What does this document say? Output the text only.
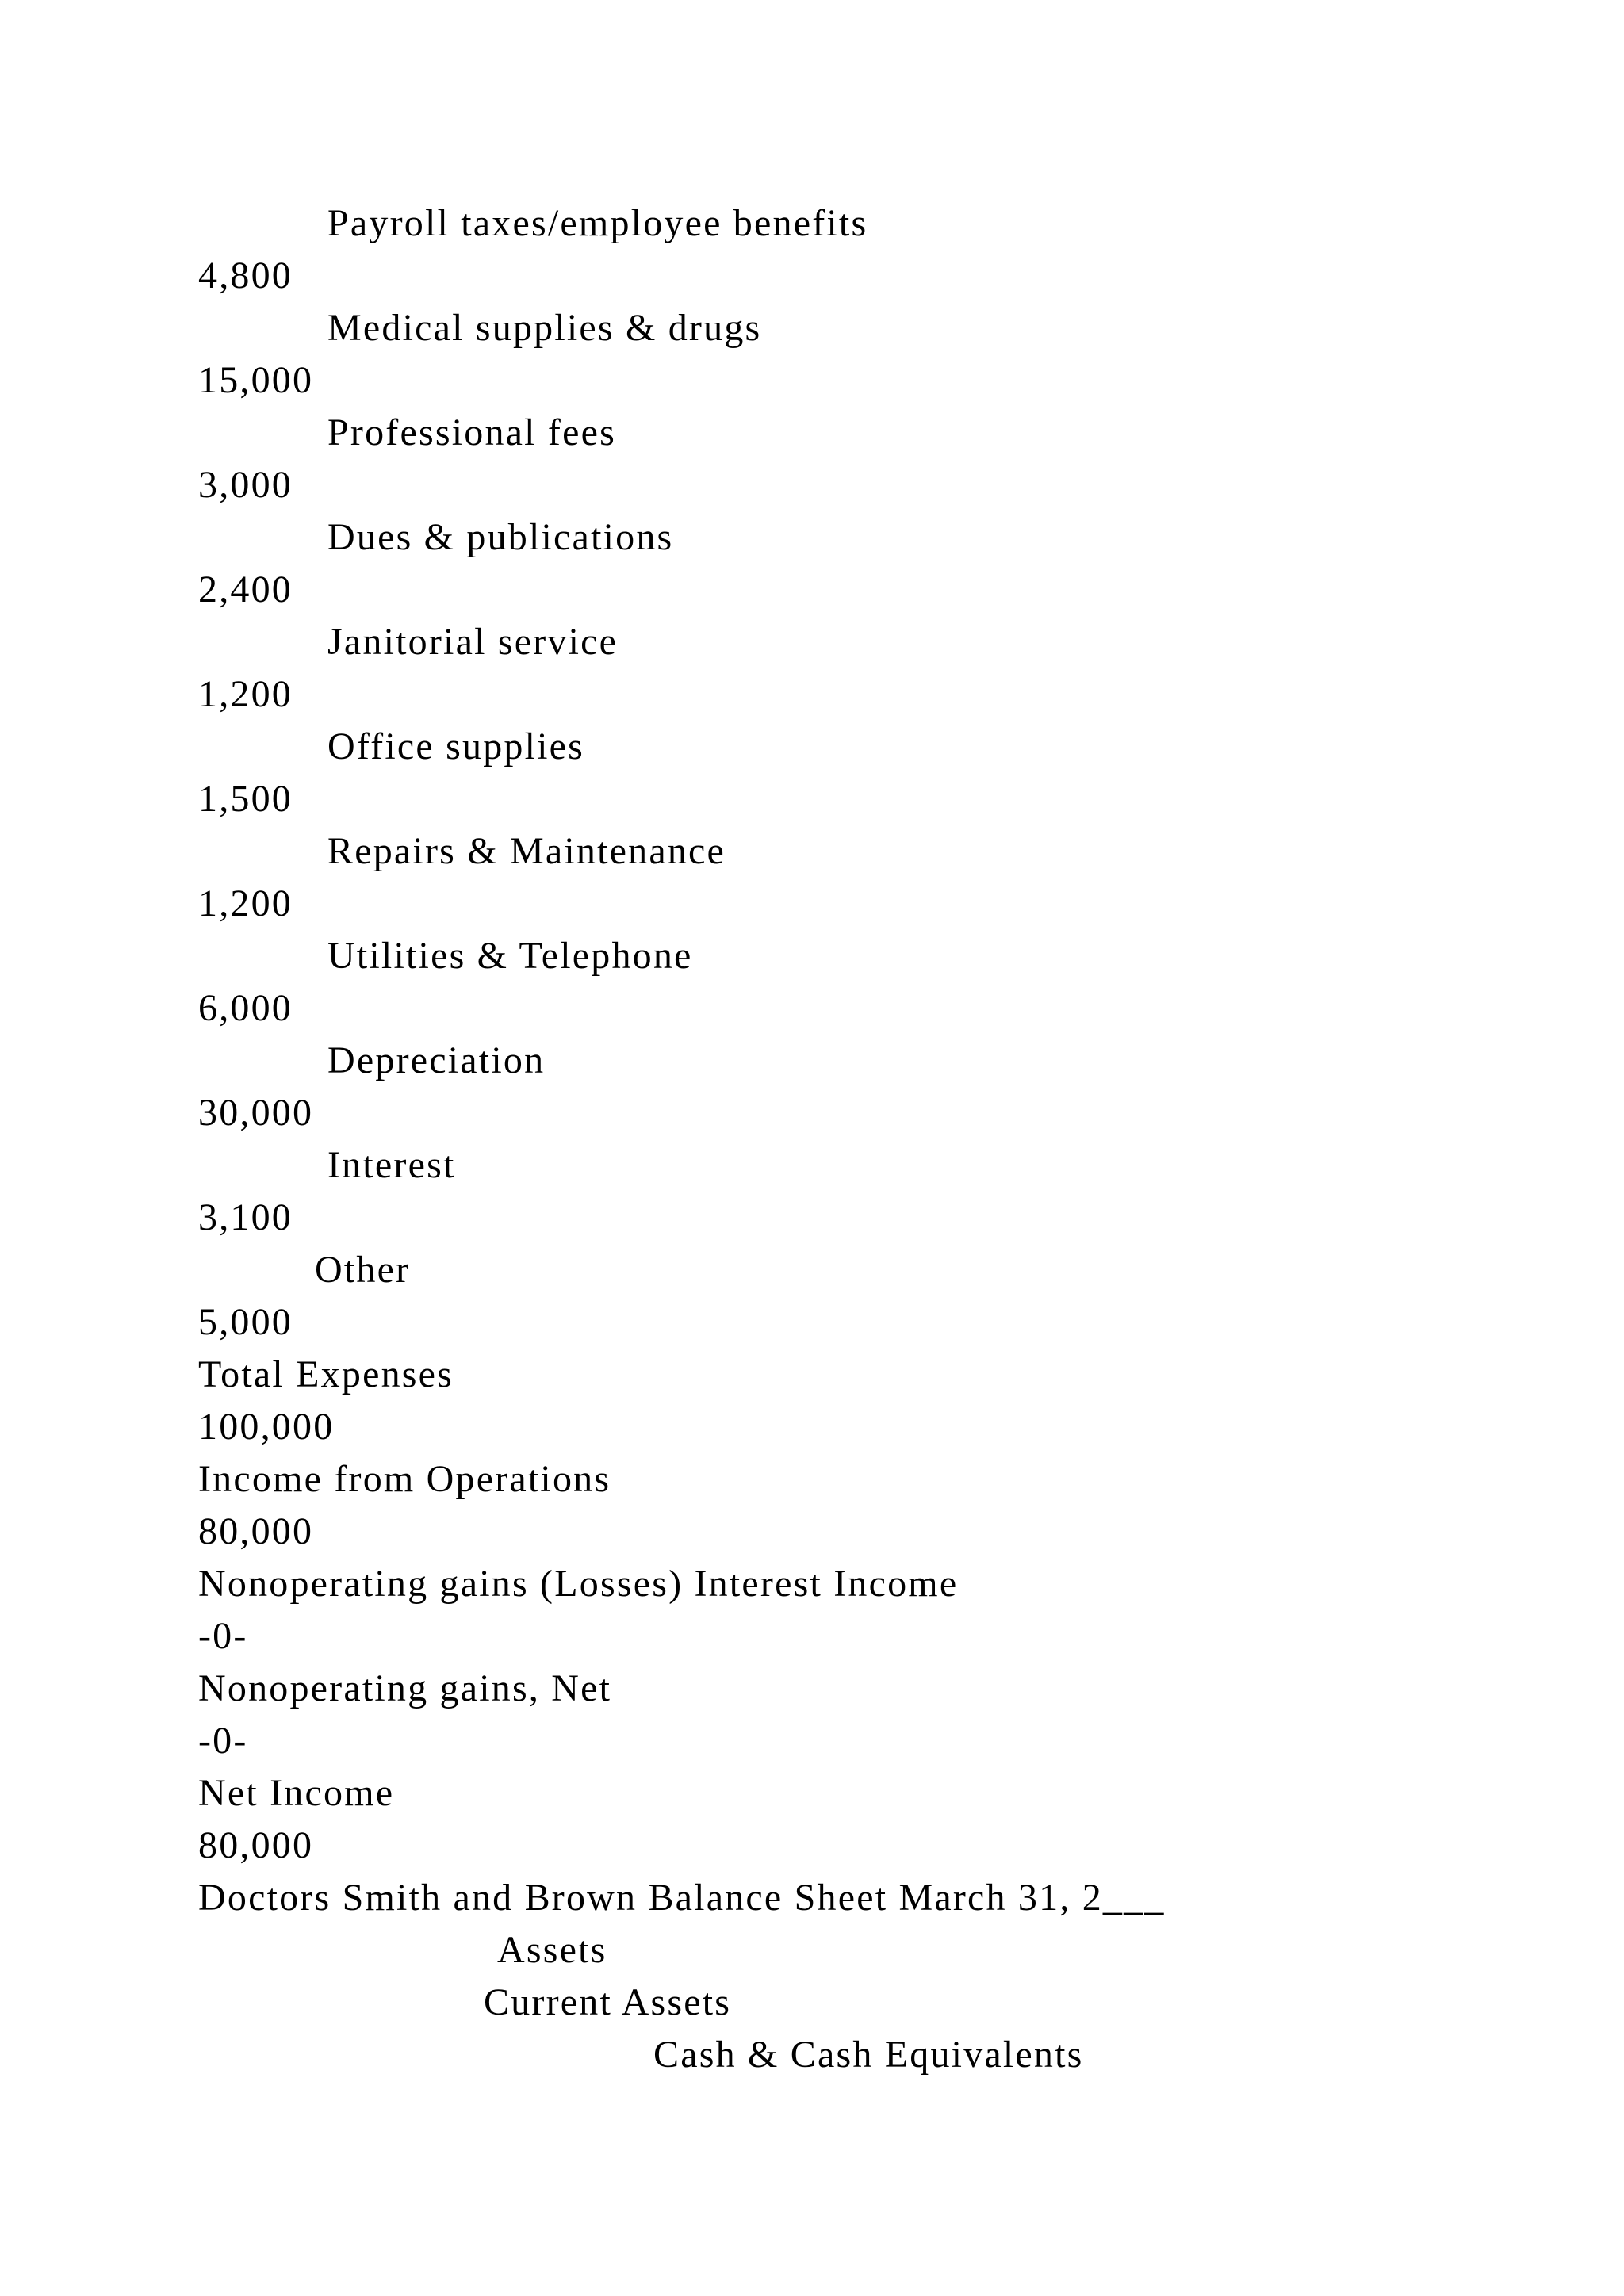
Payroll taxes/employee benefits
4,800
Medical supplies & drugs
15,000
Professional fees
3,000
Dues & publications
2,400
Janitorial service
1,200
Office supplies
1,500
Repairs & Maintenance
1,200
Utilities & Telephone
6,000
Depreciation
30,000
Interest
3,100
Other
5,000
Total Expenses
100,000
Income from Operations
80,000
Nonoperating gains (Losses) Interest Income
-0-
Nonoperating gains, Net
-0-
Net Income
80,000
Doctors Smith and Brown Balance Sheet March 31, 2___
Assets
Current Assets
Cash & Cash Equivalents
